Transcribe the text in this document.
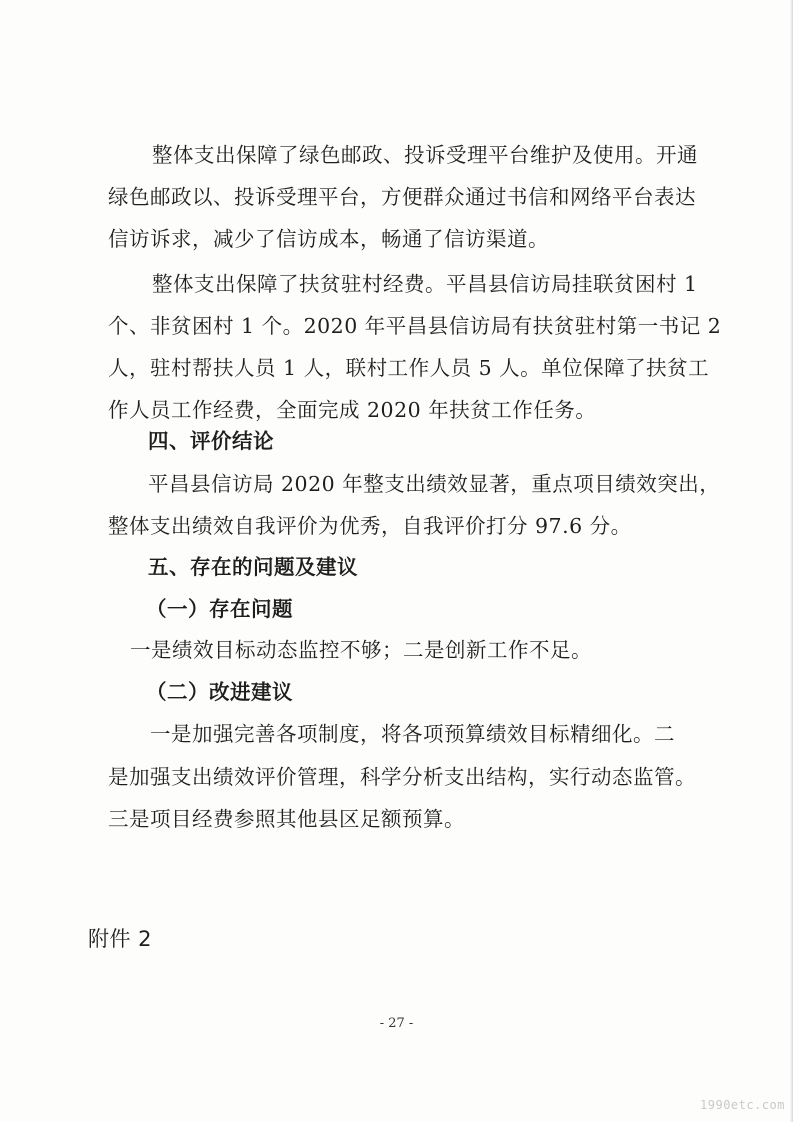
整体支出保障了绿色邮政、投诉受理平台维护及使用。开通
绿色邮政以、投诉受理平台，方便群众通过书信和网络平台表达
信访诉求，减少了信访成本，畅通了信访渠道。
整体支出保障了扶贫驻村经费。平昌县信访局挂联贫困村 1
个、非贫困村 1 个。2020 年平昌县信访局有扶贫驻村第一书记 2
人，驻村帮扶人员 1 人，联村工作人员 5 人。单位保障了扶贫工
作人员工作经费，全面完成 2020 年扶贫工作任务。
四、评价结论
平昌县信访局 2020 年整支出绩效显著，重点项目绩效突出，
整体支出绩效自我评价为优秀，自我评价打分 97.6 分。
五、存在的问题及建议
（一）存在问题
一是绩效目标动态监控不够；二是创新工作不足。
（二）改进建议
一是加强完善各项制度，将各项预算绩效目标精细化。二
是加强支出绩效评价管理，科学分析支出结构，实行动态监管。
三是项目经费参照其他县区足额预算。
附件 2
- 27 -
1990etc.com
